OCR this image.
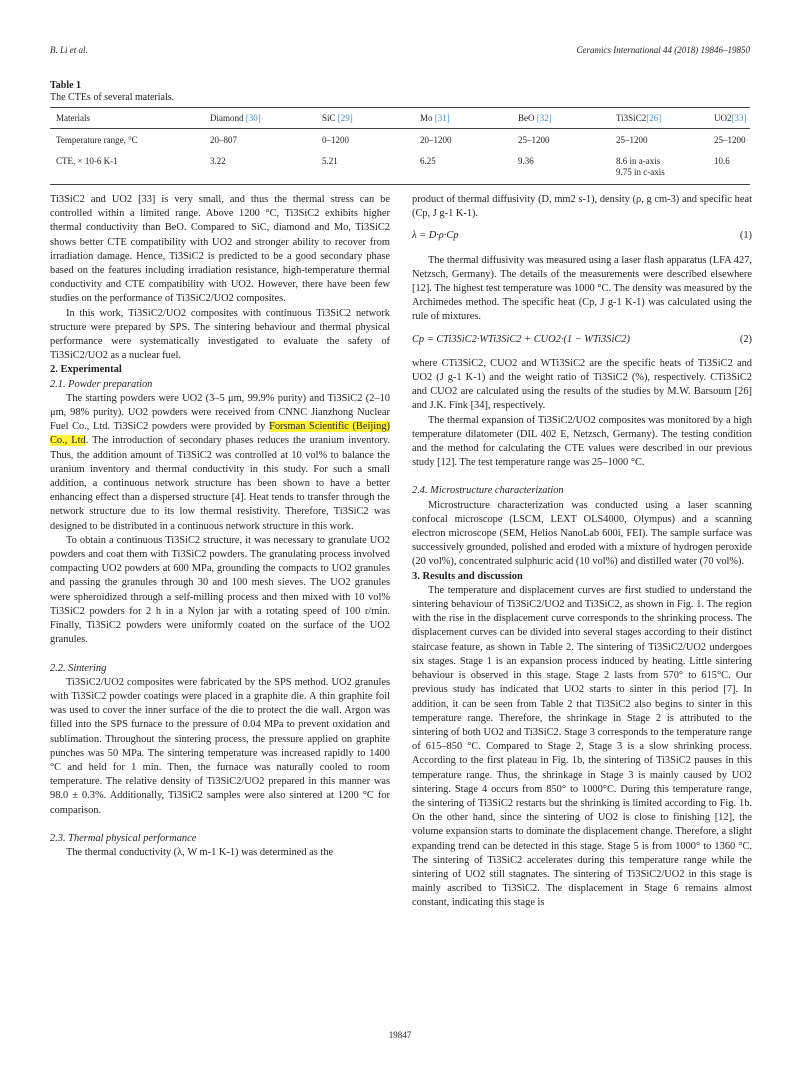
B. Li et al.	Ceramics International 44 (2018) 19846–19850
Table 1
The CTEs of several materials.
Materials	Diamond [30]	SiC [29]	Mo [31]	BeO [32]	Ti3SiC2[26]	UO2[33]
Temperature range, °C	20–807	0–1200	20–1200	25–1200	25–1200	25–1200
CTE, × 10-6 K-1	3.22	5.21	6.25	9.36	8.6 in a-axis	10.6
					9.75 in c-axis	

Ti3SiC2 and UO2 [33] is very small, and thus the thermal stress can be controlled within a limited range. Above 1200 °C, Ti3SiC2 exhibits higher thermal conductivity than BeO. Compared to SiC, diamond and Mo, Ti3SiC2 shows better CTE compatibility with UO2 and stronger ability to recover from irradiation damage. Hence, Ti3SiC2 is predicted to be a good secondary phase based on the features including irradiation resistance, high-temperature thermal conductivity and CTE compatibility with UO2. However, there have been few studies on the performance of Ti3SiC2/UO2 composites.

In this work, Ti3SiC2/UO2 composites with continuous Ti3SiC2 network structure were prepared by SPS. The sintering behaviour and thermal physical performance were systematically investigated to evaluate the safety of Ti3SiC2/UO2 as a nuclear fuel.

2. Experimental

2.1. Powder preparation

The starting powders were UO2 (3–5 μm, 99.9% purity) and Ti3SiC2 (2–10 μm, 98% purity). UO2 powders were received from CNNC Jianzhong Nuclear Fuel Co., Ltd. Ti3SiC2 powders were provided by Forsman Scientific (Beijing) Co., Ltd. The introduction of secondary phases reduces the uranium inventory. Thus, the addition amount of Ti3SiC2 was controlled at 10 vol% to balance the uranium inventory and thermal conductivity in this study. For such a small addition, a continuous network structure has been shown to have a better enhancing effect than a dispersed structure [4]. Heat tends to transfer through the network structure due to its low thermal resistivity. Therefore, Ti3SiC2 was designed to be distributed in a continuous network structure in this work.

To obtain a continuous Ti3SiC2 structure, it was necessary to granulate UO2 powders and coat them with Ti3SiC2 powders. The granulating process involved compacting UO2 powders at 600 MPa, grounding the compacts to UO2 granules and passing the granules through 30 and 100 mesh sieves. The UO2 granules were spheroidized through a self-milling process and then mixed with 10 vol% Ti3SiC2 powders for 2 h in a Nylon jar with a rotating speed of 100 r/min. Finally, Ti3SiC2 powders were uniformly coated on the surface of the UO2 granules.

2.2. Sintering

Ti3SiC2/UO2 composites were fabricated by the SPS method. UO2 granules with Ti3SiC2 powder coatings were placed in a graphite die. A thin graphite foil was used to cover the inner surface of the die to protect the die wall. Argon was filled into the SPS furnace to the pressure of 0.04 MPa to prevent oxidation and sublimation. Throughout the sintering process, the pressure applied on graphite punches was 50 MPa. The sintering temperature was increased rapidly to 1400 °C and held for 1 min. Then, the furnace was naturally cooled to room temperature. The relative density of Ti3SiC2/UO2 prepared in this manner was 98.0 ± 0.3%. Additionally, Ti3SiC2 samples were also sintered at 1200 °C for comparison.

2.3. Thermal physical performance

The thermal conductivity (λ, W m-1 K-1) was determined as the

product of thermal diffusivity (D, mm2 s-1), density (ρ, g cm-3) and specific heat (Cp, J g-1 K-1).

λ = D·ρ·Cp	(1)

The thermal diffusivity was measured using a laser flash apparatus (LFA 427, Netzsch, Germany). The details of the measurements were described elsewhere [12]. The highest test temperature was 1000 °C. The density was measured by the Archimedes method. The specific heat (Cp, J g-1 K-1) was calculated using the rule of mixtures.

Cp = CTi3SiC2·WTi3SiC2 + CUO2·(1 − WTi3SiC2)	(2)

where CTi3SiC2, CUO2 and WTi3SiC2 are the specific heats of Ti3SiC2 and UO2 (J g-1 K-1) and the weight ratio of Ti3SiC2 (%), respectively. CTi3SiC2 and CUO2 are calculated using the results of the studies by M.W. Barsoum [26] and J.K. Fink [34], respectively.

The thermal expansion of Ti3SiC2/UO2 composites was monitored by a high temperature dilatometer (DIL 402 E, Netzsch, Germany). The testing condition and the method for calculating the CTE values were described in our previous study [12]. The test temperature range was 25–1000 °C.

2.4. Microstructure characterization

Microstructure characterization was conducted using a laser scanning confocal microscope (LSCM, LEXT OLS4000, Olympus) and a scanning electron microscope (SEM, Helios NanoLab 600i, FEI). The sample surface was successively grounded, polished and eroded with a mixture of hydrogen peroxide (20 vol%), concentrated sulphuric acid (10 vol%) and distilled water (70 vol%).

3. Results and discussion

The temperature and displacement curves are first studied to understand the sintering behaviour of Ti3SiC2/UO2 and Ti3SiC2, as shown in Fig. 1. The region with the rise in the displacement curve corresponds to the shrinking process. The displacement curves can be divided into several stages according to their distinct staircase feature, as shown in Table 2. The sintering of Ti3SiC2/UO2 undergoes six stages. Stage 1 is an expansion process induced by heating. Little sintering behaviour is observed in this stage. Stage 2 lasts from 570° to 615°C. Our previous study has indicated that UO2 starts to sinter in this period [7]. In addition, it can be seen from Table 2 that Ti3SiC2 also begins to sinter in this temperature range. Therefore, the shrinkage in Stage 2 is attributed to the sintering of both UO2 and Ti3SiC2. Stage 3 corresponds to the temperature range of 615–850 °C. Compared to Stage 2, Stage 3 is a slow shrinking process. According to the first plateau in Fig. 1b, the sintering of Ti3SiC2 pauses in this temperature range. Thus, the shrinkage in Stage 3 is mainly caused by UO2 sintering. Stage 4 occurs from 850° to 1000°C. During this temperature range, the sintering of Ti3SiC2 restarts but the shrinking is limited according to Fig. 1b. On the other hand, since the sintering of UO2 is close to finishing [12], the volume expansion starts to dominate the displacement change. Therefore, a slight expanding trend can be detected in this stage. Stage 5 is from 1000° to 1360 °C. The sintering of Ti3SiC2 accelerates during this temperature range while the sintering of UO2 still stagnates. The sintering of Ti3SiC2/UO2 in this stage is mainly ascribed to Ti3SiC2. The displacement in Stage 6 remains almost constant, indicating this stage is

19847
